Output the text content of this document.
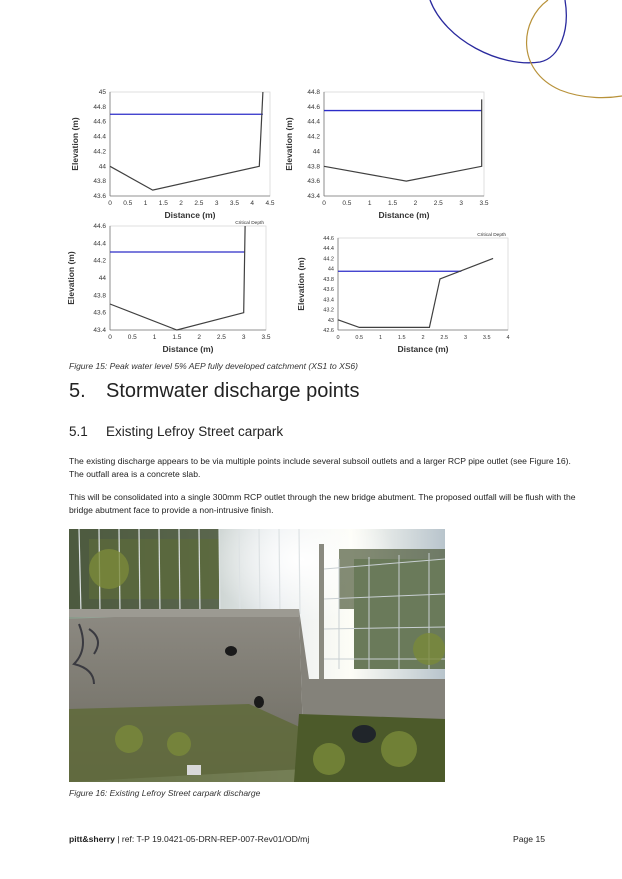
0 0.5 1 1.5 2 2.5 3 3.5 4 4.5
43.6
43.8
44
44.2
44.4
44.6
44.8
45
Distance (m)
Elevation (m)
0	0.5	1	1.5	2	2.5	3	3.5
43.4
43.6
43.8
44
44.2
44.4
44.6
44.8
Distance (m)
Elevation (m)
0 0.5 1 1.5 2 2.5 3 3.5
43.4
43.6
43.8
44
44.2
44.4
44.6
Distance (m)
Elevation (m)
Critical Depth
0	0.5	1	1.5	2	2.5	3	3.5	4
42.6
43
43.2
43.4
43.6
43.8
44
44.2
44.4
44.6
Distance (m)
Elevation (m)
Critical Depth
Figure 15: Peak water level 5% AEP fully developed catchment (XS1 to XS6)
5. Stormwater discharge points
5.1 Existing Lefroy Street carpark

The existing discharge appears to be via multiple points include several subsoil outlets and a larger RCP pipe outlet (see Figure 16). The outfall area is a concrete slab.

This will be consolidated into a single 300mm RCP outlet through the new bridge abutment. The proposed outfall will be flush with the bridge abutment face to provide a non-intrusive finish.

Figure 16: Existing Lefroy Street carpark discharge
pitt&sherry | ref: T-P 19.0421-05-DRN-REP-007-Rev01/OD/mj	Page 15
